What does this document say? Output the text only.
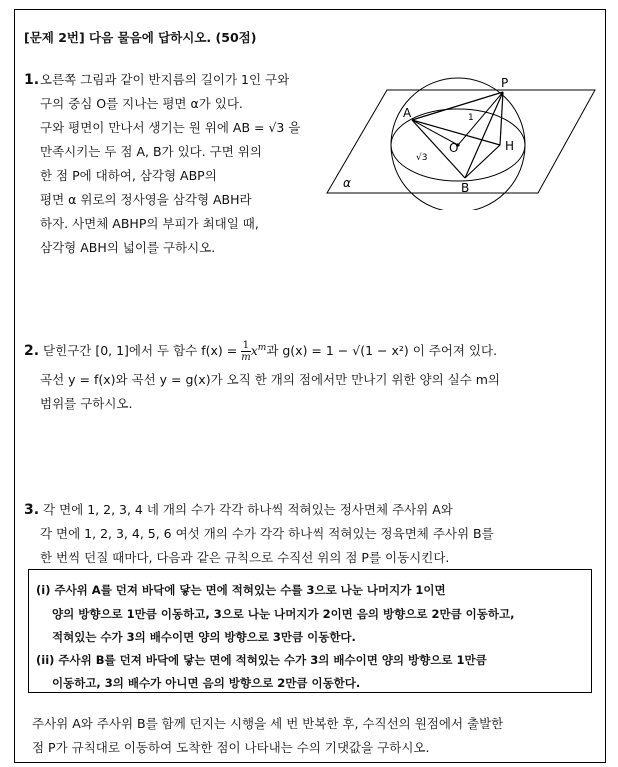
[문제 2번] 다음 물음에 답하시오. (50점)
1. 오른쪽 그림과 같이 반지름의 길이가 1인 구와
구의 중심 O를 지나는 평면 α가 있다.
구와 평면이 만나서 생기는 원 위에 AB = √3 을
만족시키는 두 점 A, B가 있다. 구면 위의
한 점 P에 대하여, 삼각형 ABP의
평면 α 위로의 정사영을 삼각형 ABH라
하자. 사면체 ABHP의 부피가 최대일 때,
삼각형 ABH의 넓이를 구하시오.
P
A
O	H
B
α
1
√3
2. 닫힌구간 [0, 1]에서 두 함수 $f(x) = \frac{1}{m} x^m$과 g(x) = 1 − √(1 − x²) 이 주어져 있다.
곡선 y = f(x)와 곡선 y = g(x)가 오직 한 개의 점에서만 만나기 위한 양의 실수 m의
범위를 구하시오.
3. 각 면에 1, 2, 3, 4 네 개의 수가 각각 하나씩 적혀있는 정사면체 주사위 A와
각 면에 1, 2, 3, 4, 5, 6 여섯 개의 수가 각각 하나씩 적혀있는 정육면체 주사위 B를
한 번씩 던질 때마다, 다음과 같은 규칙으로 수직선 위의 점 P를 이동시킨다.
(i) 주사위 A를 던져 바닥에 닿는 면에 적혀있는 수를 3으로 나눈 나머지가 1이면
양의 방향으로 1만큼 이동하고, 3으로 나눈 나머지가 2이면 음의 방향으로 2만큼 이동하고,
적혀있는 수가 3의 배수이면 양의 방향으로 3만큼 이동한다.
(ii) 주사위 B를 던져 바닥에 닿는 면에 적혀있는 수가 3의 배수이면 양의 방향으로 1만큼
이동하고, 3의 배수가 아니면 음의 방향으로 2만큼 이동한다.
주사위 A와 주사위 B를 함께 던지는 시행을 세 번 반복한 후, 수직선의 원점에서 출발한
점 P가 규칙대로 이동하여 도착한 점이 나타내는 수의 기댓값을 구하시오.
